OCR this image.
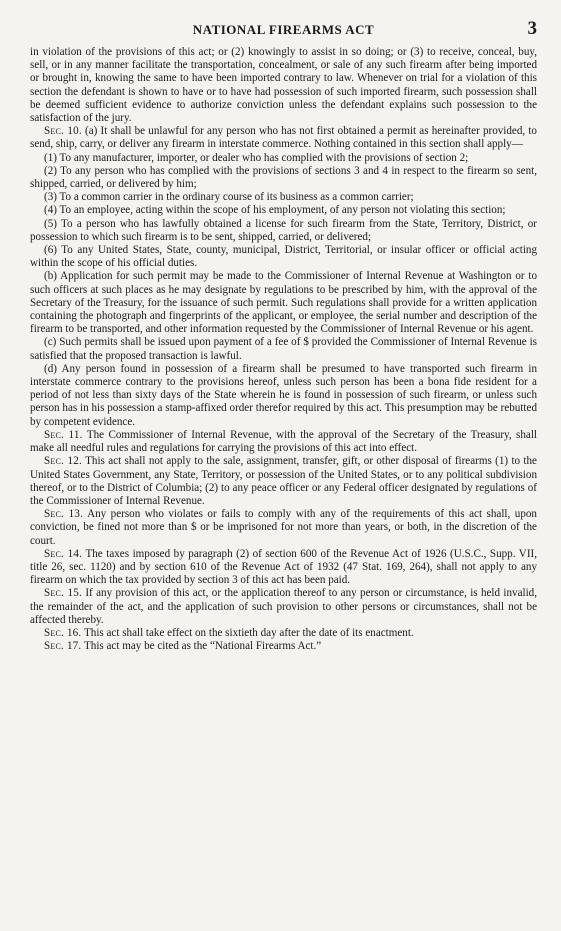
NATIONAL FIREARMS ACT	3

in violation of the provisions of this act; or (2) knowingly to assist in so doing; or (3) to receive, conceal, buy, sell, or in any manner facilitate the transportation, concealment, or sale of any such firearm after being imported or brought in, knowing the same to have been imported contrary to law. Whenever on trial for a violation of this section the defendant is shown to have or to have had possession of such imported firearm, such possession shall be deemed sufficient evidence to authorize conviction unless the defendant explains such possession to the satisfaction of the jury.

Sec. 10. (a) It shall be unlawful for any person who has not first obtained a permit as hereinafter provided, to send, ship, carry, or deliver any firearm in interstate commerce. Nothing contained in this section shall apply—

(1) To any manufacturer, importer, or dealer who has complied with the provisions of section 2;

(2) To any person who has complied with the provisions of sections 3 and 4 in respect to the firearm so sent, shipped, carried, or delivered by him;

(3) To a common carrier in the ordinary course of its business as a common carrier;

(4) To an employee, acting within the scope of his employment, of any person not violating this section;

(5) To a person who has lawfully obtained a license for such firearm from the State, Territory, District, or possession to which such firearm is to be sent, shipped, carried, or delivered;

(6) To any United States, State, county, municipal, District, Territorial, or insular officer or official acting within the scope of his official duties.

(b) Application for such permit may be made to the Commissioner of Internal Revenue at Washington or to such officers at such places as he may designate by regulations to be prescribed by him, with the approval of the Secretary of the Treasury, for the issuance of such permit. Such regulations shall provide for a written application containing the photograph and fingerprints of the applicant, or employee, the serial number and description of the firearm to be transported, and other information requested by the Commissioner of Internal Revenue or his agent.

(c) Such permits shall be issued upon payment of a fee of $ provided the Commissioner of Internal Revenue is satisfied that the proposed transaction is lawful.

(d) Any person found in possession of a firearm shall be presumed to have transported such firearm in interstate commerce contrary to the provisions hereof, unless such person has been a bona fide resident for a period of not less than sixty days of the State wherein he is found in possession of such firearm, or unless such person has in his possession a stamp-affixed order therefor required by this act. This presumption may be rebutted by competent evidence.

Sec. 11. The Commissioner of Internal Revenue, with the approval of the Secretary of the Treasury, shall make all needful rules and regulations for carrying the provisions of this act into effect.

Sec. 12. This act shall not apply to the sale, assignment, transfer, gift, or other disposal of firearms (1) to the United States Government, any State, Territory, or possession of the United States, or to any political subdivision thereof, or to the District of Columbia; (2) to any peace officer or any Federal officer designated by regulations of the Commissioner of Internal Revenue.

Sec. 13. Any person who violates or fails to comply with any of the requirements of this act shall, upon conviction, be fined not more than $ or be imprisoned for not more than years, or both, in the discretion of the court.

Sec. 14. The taxes imposed by paragraph (2) of section 600 of the Revenue Act of 1926 (U.S.C., Supp. VII, title 26, sec. 1120) and by section 610 of the Revenue Act of 1932 (47 Stat. 169, 264), shall not apply to any firearm on which the tax provided by section 3 of this act has been paid.

Sec. 15. If any provision of this act, or the application thereof to any person or circumstance, is held invalid, the remainder of the act, and the application of such provision to other persons or circumstances, shall not be affected thereby.

Sec. 16. This act shall take effect on the sixtieth day after the date of its enactment.

Sec. 17. This act may be cited as the “National Firearms Act.”
